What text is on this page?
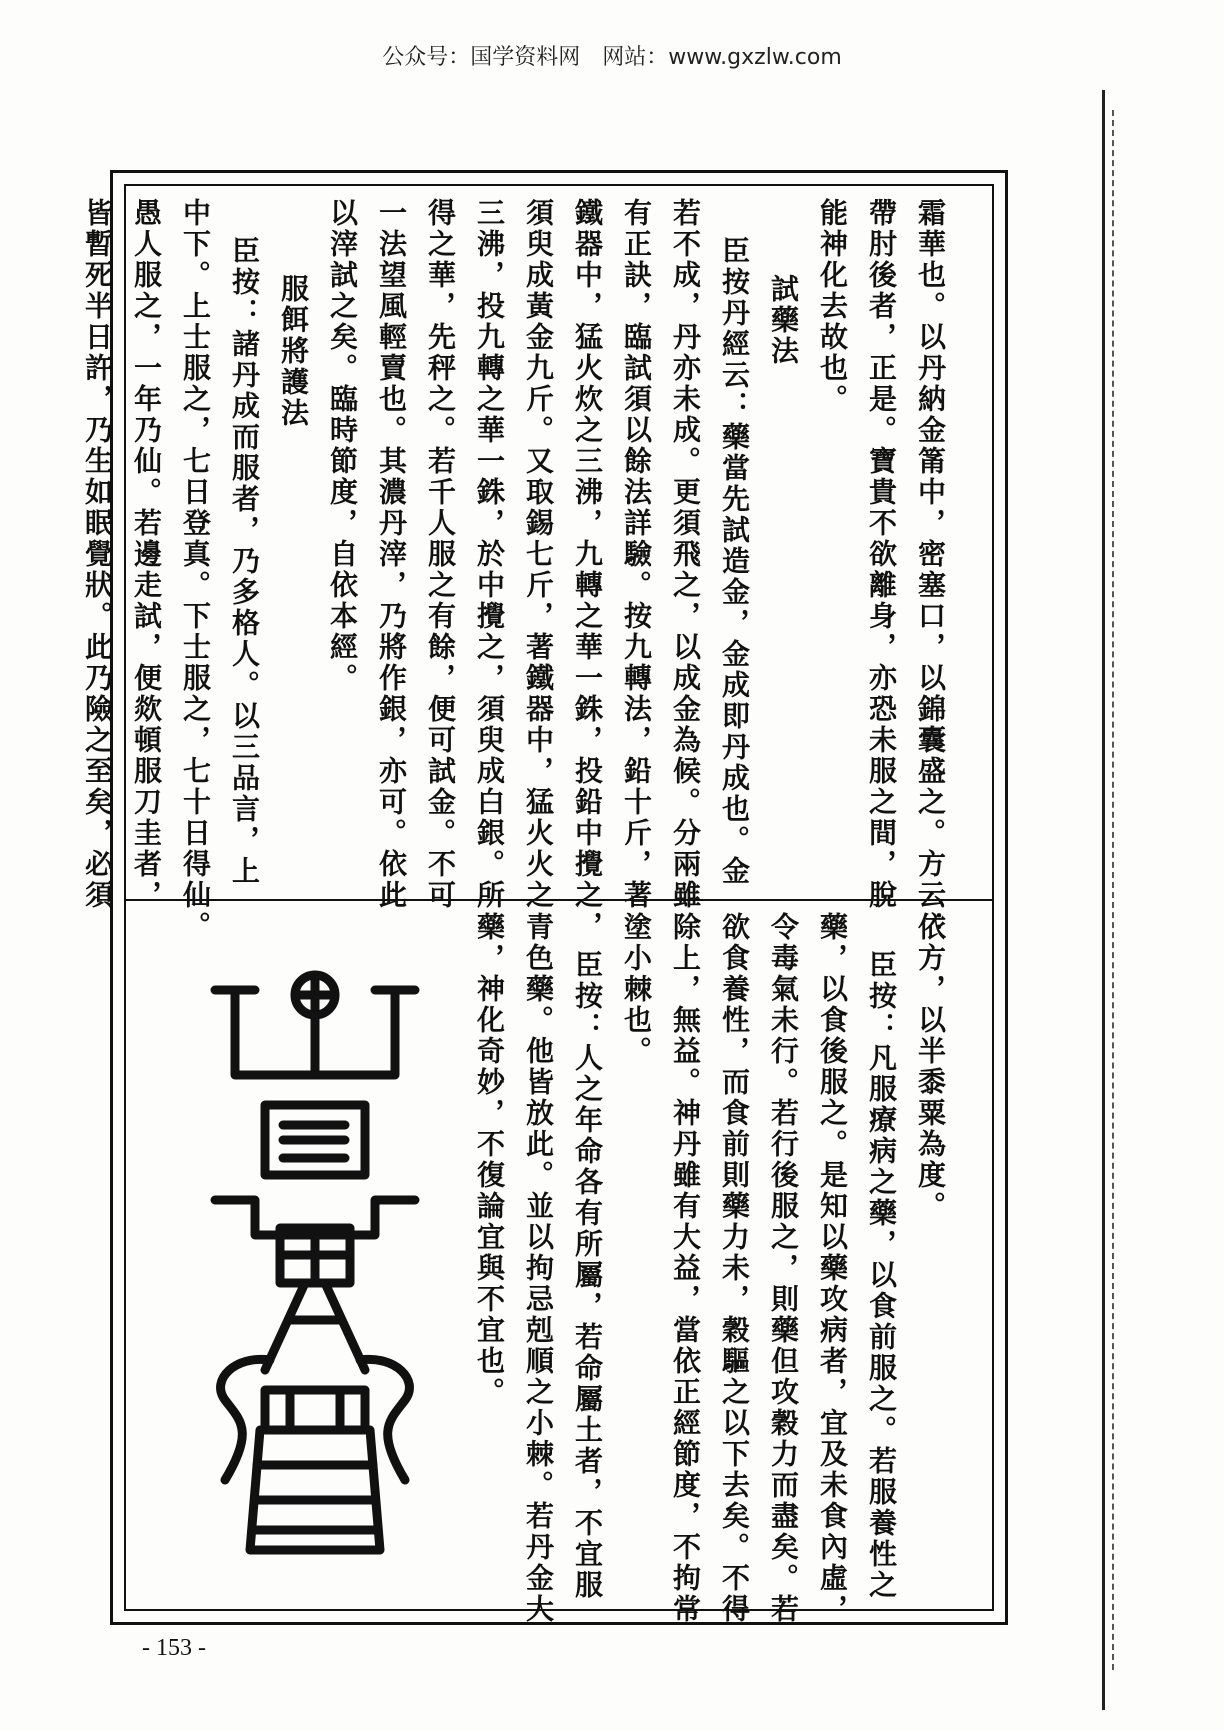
公众号：国学资料网　网站：www.gxzlw.com
霜華也。以丹納金筩中，密塞口，以錦囊盛之。方云：
帶肘後者，正是。寶貴不欲離身，亦恐未服之間，脫
能神化去故也。
試藥法
臣按丹經云：藥當先試造金，金成即丹成也。金
若不成，丹亦未成。更須飛之，以成金為候。分兩雖
有正訣，臨試須以餘法詳驗。按九轉法，鉛十斤，著
鐵器中，猛火炊之三沸，九轉之華一銖，投鉛中攪之，
須臾成黃金九斤。又取錫七斤，著鐵器中，猛火火之
三沸，投九轉之華一銖，於中攪之，須臾成白銀。所
得之華，先秤之。若千人服之有餘，便可試金。不可
一法望風輕賣也。其濃丹滓，乃將作銀，亦可。依此
以滓試之矣。臨時節度，自依本經。
服餌將護法
臣按：諸丹成而服者，乃多格人。以三品言，上
中下。上士服之，七日登真。下士服之，七十日得仙。
愚人服之，一年乃仙。若邊走試，便欻頓服刀圭者，
皆暫死半日許，乃生如眠覺狀。此乃險之至矣，必須
依方，以半黍粟為度。
臣按：凡服療病之藥，以食前服之。若服養性之
藥，以食後服之。是知以藥攻病者，宜及未食內虛，
令毒氣未行。若行後服之，則藥但攻穀力而盡矣。若
欲食養性，而食前則藥力未，穀驅之以下去矣。不得
除上，無益。神丹雖有大益，當依正經節度，不拘常
塗小棘也。
臣按：人之年命各有所屬，若命屬土者，不宜服
青色藥。他皆放此。並以拘忌剋順之小棘。若丹金大
藥，神化奇妙，不復論宜與不宜也。
- 153 -
